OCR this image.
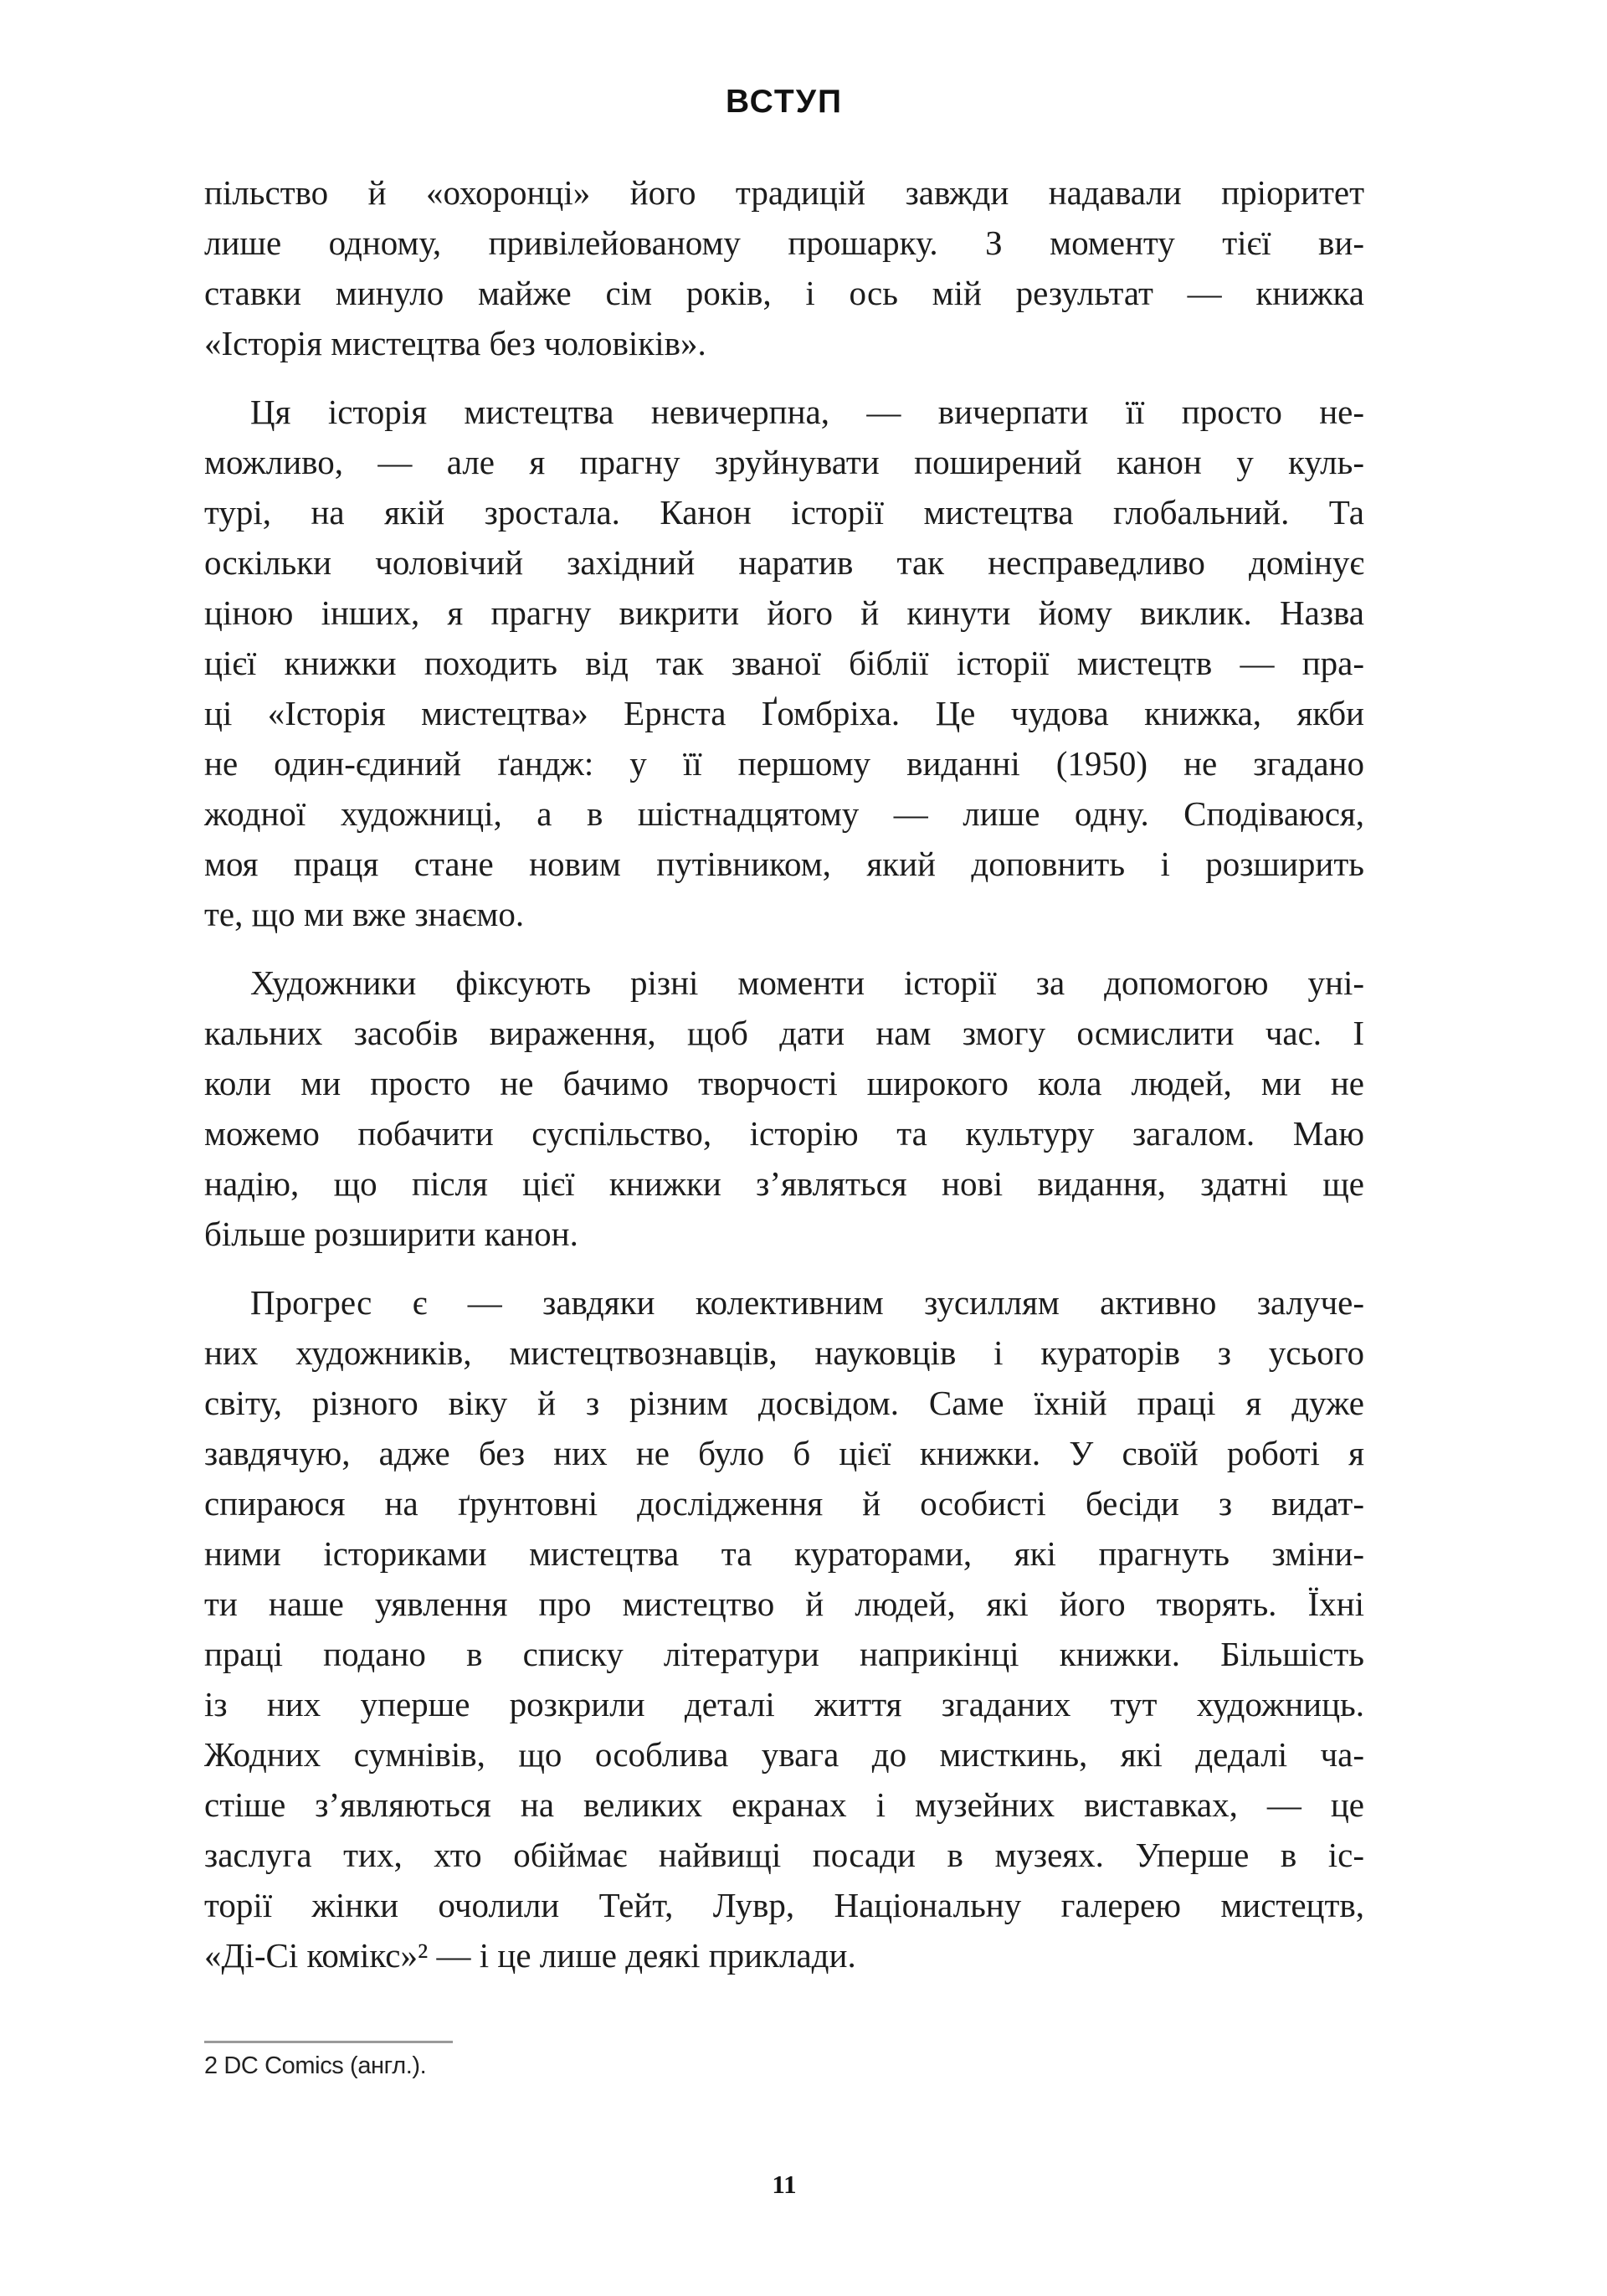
ВСТУП
пільство й «охоронці» його традицій завжди надавали пріоритет
лише одному, привілейованому прошарку. З моменту тієї ви-
ставки минуло майже сім років, і ось мій результат — книжка
«Історія мистецтва без чоловіків».
Ця історія мистецтва невичерпна, — вичерпати її просто не-
можливо, — але я прагну зруйнувати поширений канон у куль-
турі, на якій зростала. Канон історії мистецтва глобальний. Та
оскільки чоловічий західний наратив так несправедливо домінує
ціною інших, я прагну викрити його й кинути йому виклик. Назва
цієї книжки походить від так званої біблії історії мистецтв — пра-
ці «Історія мистецтва» Ернста Ґомбріха. Це чудова книжка, якби
не один-єдиний ґандж: у її першому виданні (1950) не згадано
жодної художниці, а в шістнадцятому — лише одну. Сподіваюся,
моя праця стане новим путівником, який доповнить і розширить
те, що ми вже знаємо.
Художники фіксують різні моменти історії за допомогою уні-
кальних засобів вираження, щоб дати нам змогу осмислити час. І
коли ми просто не бачимо творчості широкого кола людей, ми не
можемо побачити суспільство, історію та культуру загалом. Маю
надію, що після цієї книжки з’являться нові видання, здатні ще
більше розширити канон.
Прогрес є — завдяки колективним зусиллям активно залуче-
них художників, мистецтвознавців, науковців і кураторів з усього
світу, різного віку й з різним досвідом. Саме їхній праці я дуже
завдячую, адже без них не було б цієї книжки. У своїй роботі я
спираюся на ґрунтовні дослідження й особисті бесіди з видат-
ними істориками мистецтва та кураторами, які прагнуть зміни-
ти наше уявлення про мистецтво й людей, які його творять. Їхні
праці подано в списку літератури наприкінці книжки. Більшість
із них уперше розкрили деталі життя згаданих тут художниць.
Жодних сумнівів, що особлива увага до мисткинь, які дедалі ча-
стіше з’являються на великих екранах і музейних виставках, — це
заслуга тих, хто обіймає найвищі посади в музеях. Уперше в іс-
торії жінки очолили Тейт, Лувр, Національну галерею мистецтв,
«Ді-Сі комікс»² — і це лише деякі приклади.
2 DC Comics (англ.).
11
